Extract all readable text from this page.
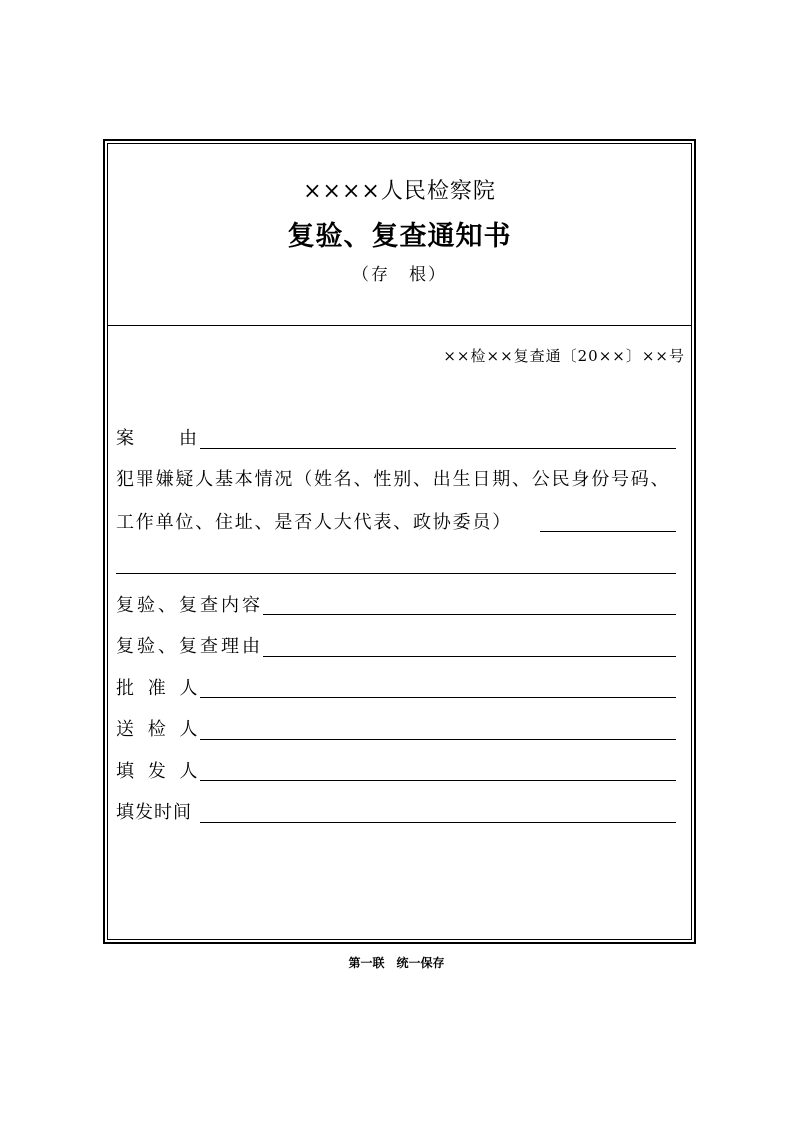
××××人民检察院
复验、复查通知书
（存　根）
××检××复查通〔20××〕××号
案　　由
犯罪嫌疑人基本情况（姓名、性别、出生日期、公民身份号码、
工作单位、住址、是否人大代表、政协委员）
复验、复查内容
复验、复查理由
批 准 人
送 检 人
填 发 人
填发时间
第一联　统一保存
